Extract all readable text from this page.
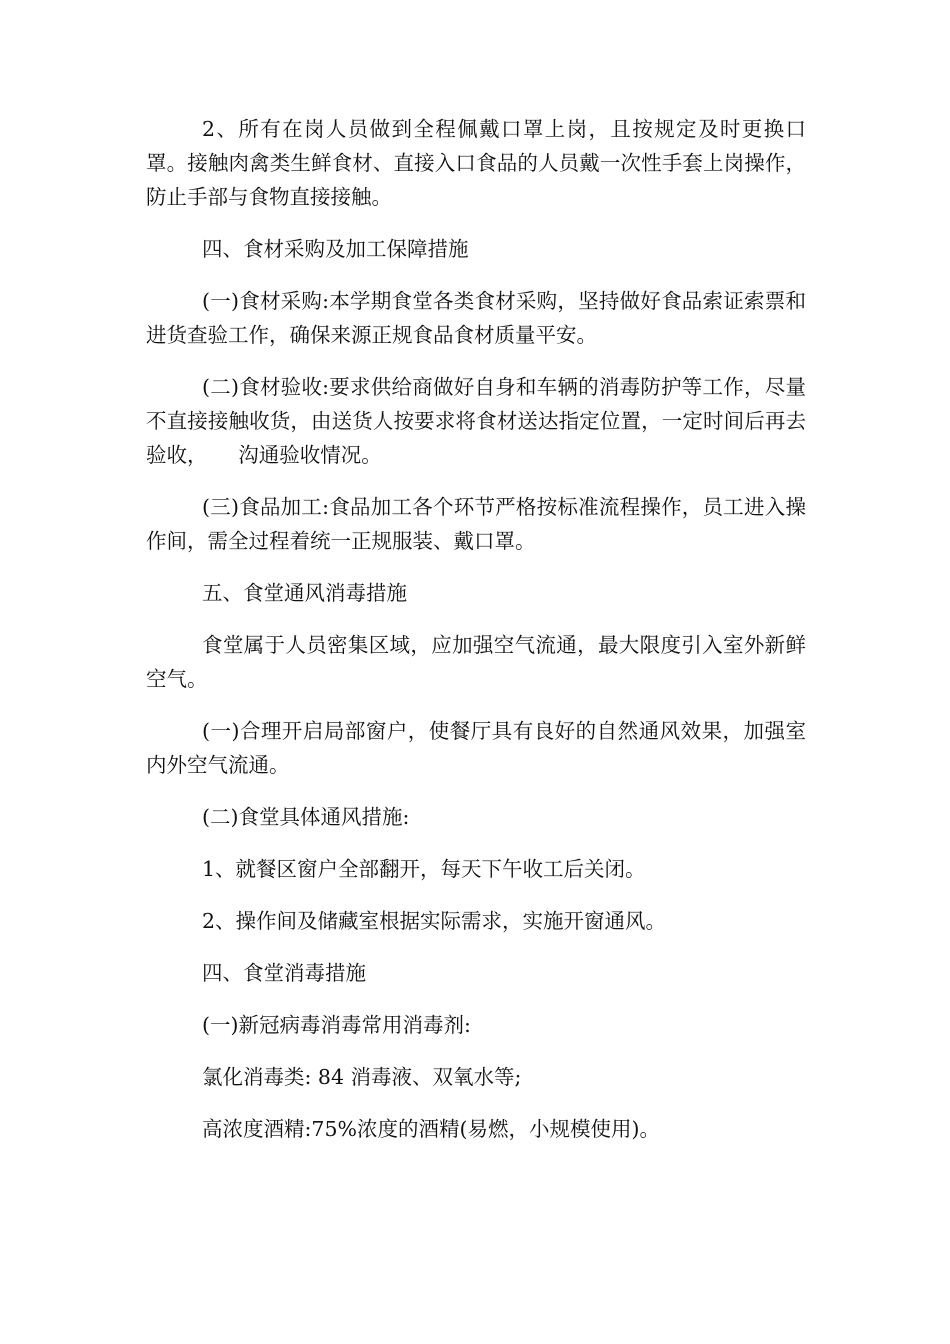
2、所有在岗人员做到全程佩戴口罩上岗，且按规定及时更换口罩。接触肉禽类生鲜食材、直接入口食品的人员戴一次性手套上岗操作，防止手部与食物直接接触。

四、食材采购及加工保障措施

(一)食材采购:本学期食堂各类食材采购，坚持做好食品索证索票和进货查验工作，确保来源正规食品食材质量平安。

(二)食材验收:要求供给商做好自身和车辆的消毒防护等工作，尽量不直接接触收货，由送货人按要求将食材送达指定位置，一定时间后再去验收，　　沟通验收情况。

(三)食品加工:食品加工各个环节严格按标准流程操作，员工进入操作间，需全过程着统一正规服装、戴口罩。

五、食堂通风消毒措施

食堂属于人员密集区域，应加强空气流通，最大限度引入室外新鲜空气。

(一)合理开启局部窗户，使餐厅具有良好的自然通风效果，加强室内外空气流通。

(二)食堂具体通风措施:

1、就餐区窗户全部翻开，每天下午收工后关闭。

2、操作间及储藏室根据实际需求，实施开窗通风。

四、食堂消毒措施

(一)新冠病毒消毒常用消毒剂:

氯化消毒类: 84 消毒液、双氧水等;

高浓度酒精:75%浓度的酒精(易燃，小规模使用)。
